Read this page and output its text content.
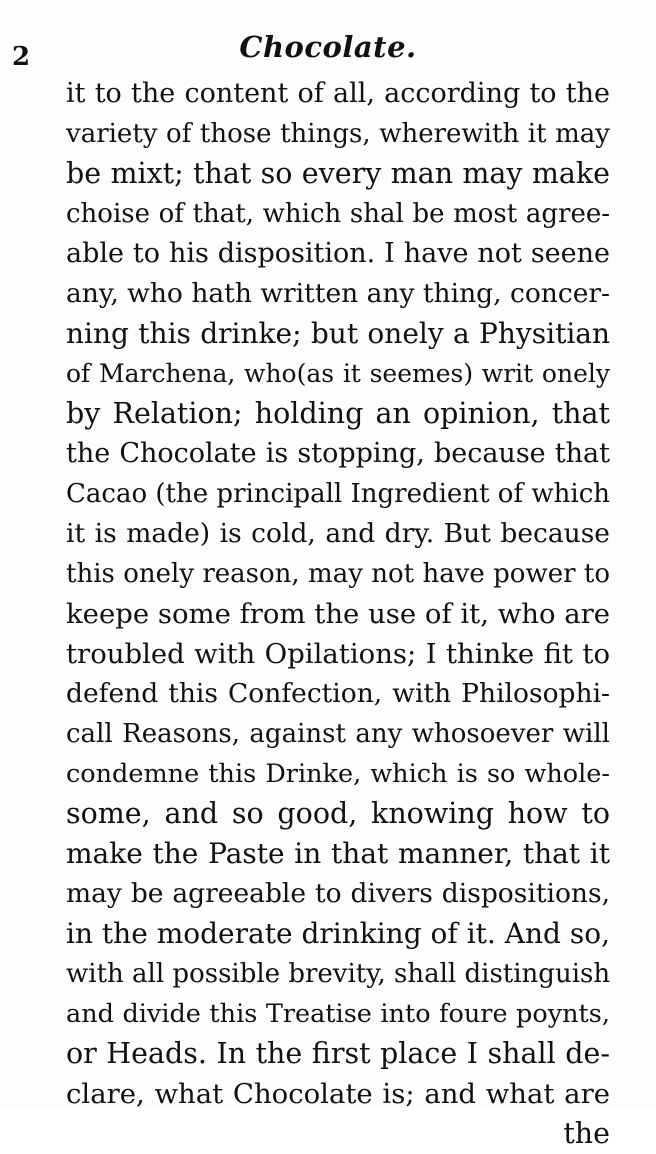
2	Chocolate.
it to the content of all, according to the
variety of those things, wherewith it may
be mixt; that so every man may make
choise of that, which shal be most agree-
able to his disposition. I have not seene
any, who hath written any thing, concer-
ning this drinke; but onely a Physitian
of Marchena, who(as it seemes) writ onely
by Relation; holding an opinion, that
the Chocolate is stopping, because that
Cacao (the principall Ingredient of which
it is made) is cold, and dry. But because
this onely reason, may not have power to
keepe some from the use of it, who are
troubled with Opilations; I thinke fit to
defend this Confection, with Philosophi-
call Reasons, against any whosoever will
condemne this Drinke, which is so whole-
some, and so good, knowing how to
make the Paste in that manner, that it
may be agreeable to divers dispositions,
in the moderate drinking of it. And so,
with all possible brevity, shall distinguish
and divide this Treatise into foure poynts,
or Heads. In the first place I shall de-
clare, what Chocolate is; and what are
the
